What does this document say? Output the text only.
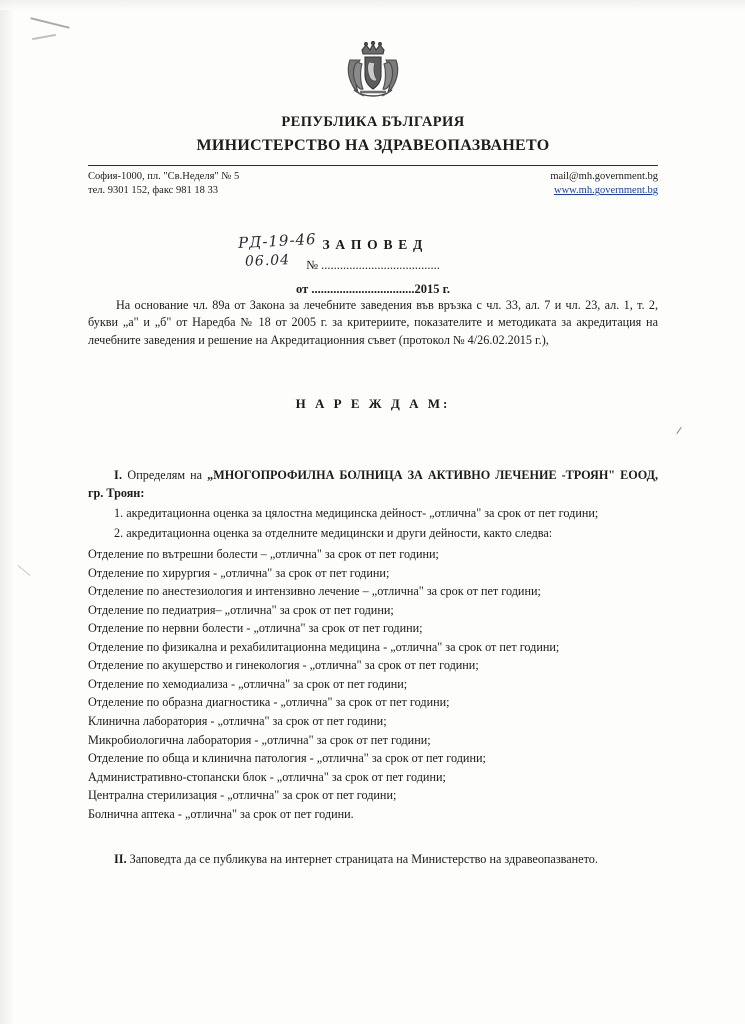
РЕПУБЛИКА БЪЛГАРИЯ
МИНИСТЕРСТВО НА ЗДРАВЕОПАЗВАНЕТО
София-1000, пл. "Св.Неделя" № 5
тел. 9301 152, факс 981 18 33
mail@mh.government.bg
www.mh.government.bg
З А П О В Е Д
№ ......................................
от .................................2015 г.

На основание чл. 89а от Закона за лечебните заведения във връзка с чл. 33, ал. 7 и чл. 23, ал. 1, т. 2, букви „а" и „б" от Наредба № 18 от 2005 г. за критериите, показателите и методиката за акредитация на лечебните заведения и решение на Акредитационния съвет (протокол № 4/26.02.2015 г.),

Н А Р Е Ж Д А М:

I. Определям на „МНОГОПРОФИЛНА БОЛНИЦА ЗА АКТИВНО ЛЕЧЕНИЕ -ТРОЯН" ЕООД, гр. Троян:

1. акредитационна оценка за цялостна медицинска дейност- „отлична" за срок от пет години;

2. акредитационна оценка за отделните медицински и други дейности, както следва:

Отделение по вътрешни болести – „отлична" за срок от пет години;
Отделение по хирургия - „отлична" за срок от пет години;
Отделение по анестезиология и интензивно лечение – „отлична" за срок от пет години;
Отделение по педиатрия– „отлична" за срок от пет години;
Отделение по нервни болести - „отлична" за срок от пет години;
Отделение по физикална и рехабилитационна медицина - „отлична" за срок от пет години;
Отделение по акушерство и гинекология - „отлична" за срок от пет години;
Отделение по хемодиализа - „отлична" за срок от пет години;
Отделение по образна диагностика - „отлична" за срок от пет години;
Клинична лаборатория - „отлична" за срок от пет години;
Микробиологична лаборатория - „отлична" за срок от пет години;
Отделение по обща и клинична патология - „отлична" за срок от пет години;
Административно-стопански блок - „отлична" за срок от пет години;
Централна стерилизация - „отлична" за срок от пет години;
Болнична аптека - „отлична" за срок от пет години.

II. Заповедта да се публикува на интернет страницата на Министерство на здравеопазването.

РД-19-46
06.04
